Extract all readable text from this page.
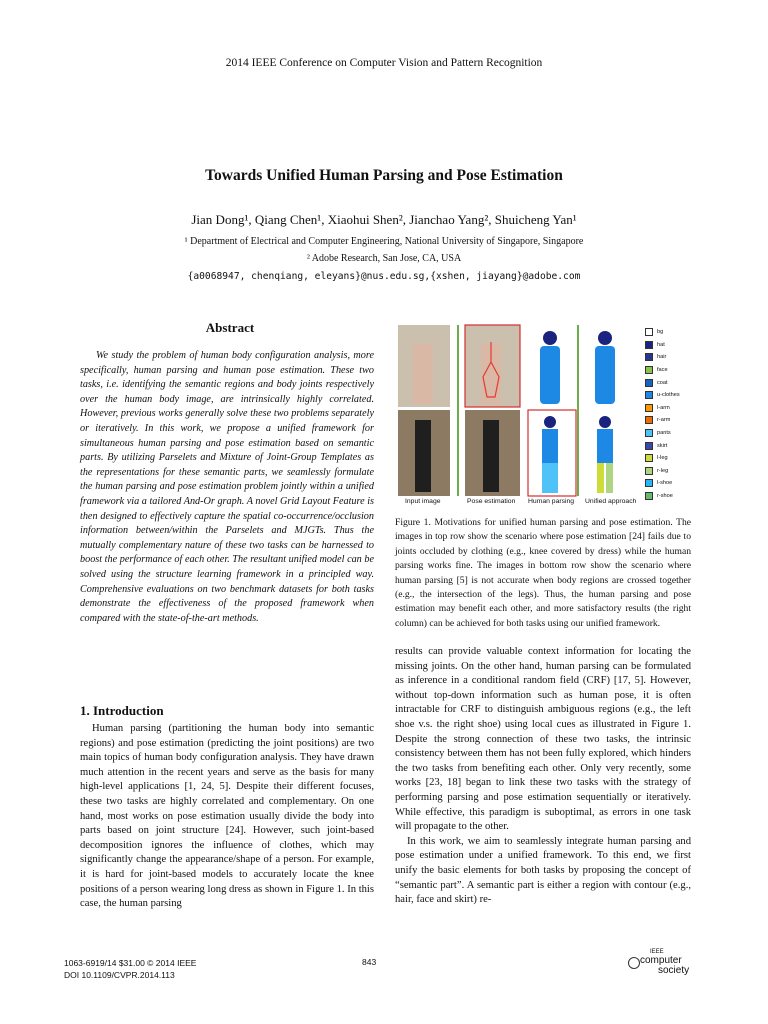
2014 IEEE Conference on Computer Vision and Pattern Recognition
Towards Unified Human Parsing and Pose Estimation
Jian Dong¹, Qiang Chen¹, Xiaohui Shen², Jianchao Yang², Shuicheng Yan¹
¹ Department of Electrical and Computer Engineering, National University of Singapore, Singapore
² Adobe Research, San Jose, CA, USA
{a0068947, chenqiang, eleyans}@nus.edu.sg,{xshen, jiayang}@adobe.com
Abstract

We study the problem of human body configuration analysis, more specifically, human parsing and human pose estimation. These two tasks, i.e. identifying the semantic regions and body joints respectively over the human body image, are intrinsically highly correlated. However, previous works generally solve these two problems separately or iteratively. In this work, we propose a unified framework for simultaneous human parsing and pose estimation based on semantic parts. By utilizing Parselets and Mixture of Joint-Group Templates as the representations for these semantic parts, we seamlessly formulate the human parsing and pose estimation problem jointly within a unified framework via a tailored And-Or graph. A novel Grid Layout Feature is then designed to effectively capture the spatial co-occurrence/occlusion information between/within the Parselets and MJGTs. Thus the mutually complementary nature of these two tasks can be harnessed to boost the performance of each other. The resultant unified model can be solved using the structure learning framework in a principled way. Comprehensive evaluations on two benchmark datasets for both tasks demonstrate the effectiveness of the proposed framework when compared with the state-of-the-art methods.

1. Introduction

Human parsing (partitioning the human body into semantic regions) and pose estimation (predicting the joint positions) are two main topics of human body configuration analysis. They have drawn much attention in the recent years and serve as the basis for many high-level applications [1, 24, 5]. Despite their different focuses, these two tasks are highly correlated and complementary. On one hand, most works on pose estimation usually divide the body into parts based on joint structure [24]. However, such joint-based decomposition ignores the influence of clothes, which may significantly change the appearance/shape of a person. For example, it is hard for joint-based models to accurately locate the knee positions of a person wearing long dress as shown in Figure 1. In this case, the human parsing

Input image	Pose estimation Human parsing Unified approach
bg
hat
hair
face
coat
u-clothes
l-arm
r-arm
pants
skirt
l-leg
r-leg
l-shoe
r-shoe
Figure 1. Motivations for unified human parsing and pose estimation. The images in top row show the scenario where pose estimation [24] fails due to joints occluded by clothing (e.g., knee covered by dress) while the human parsing works fine. The images in bottom row show the scenario where human parsing [5] is not accurate when body regions are crossed together (e.g., the intersection of the legs). Thus, the human parsing and pose estimation may benefit each other, and more satisfactory results (the right column) can be achieved for both tasks using our unified framework.

results can provide valuable context information for locating the missing joints. On the other hand, human parsing can be formulated as inference in a conditional random field (CRF) [17, 5]. However, without top-down information such as human pose, it is often intractable for CRF to distinguish ambiguous regions (e.g., the left shoe v.s. the right shoe) using local cues as illustrated in Figure 1. Despite the strong connection of these two tasks, the intrinsic consistency between them has not been fully explored, which hinders the two tasks from benefiting each other. Only very recently, some works [23, 18] began to link these two tasks with the strategy of performing parsing and pose estimation sequentially or iteratively. While effective, this paradigm is suboptimal, as errors in one task will propagate to the other.

In this work, we aim to seamlessly integrate human parsing and pose estimation under a unified framework. To this end, we first unify the basic elements for both tasks by proposing the concept of “semantic part”. A semantic part is either a region with contour (e.g., hair, face and skirt) re-

1063-6919/14 $31.00 © 2014 IEEE
DOI 10.1109/CVPR.2014.113
843
IEEE
computer
society
